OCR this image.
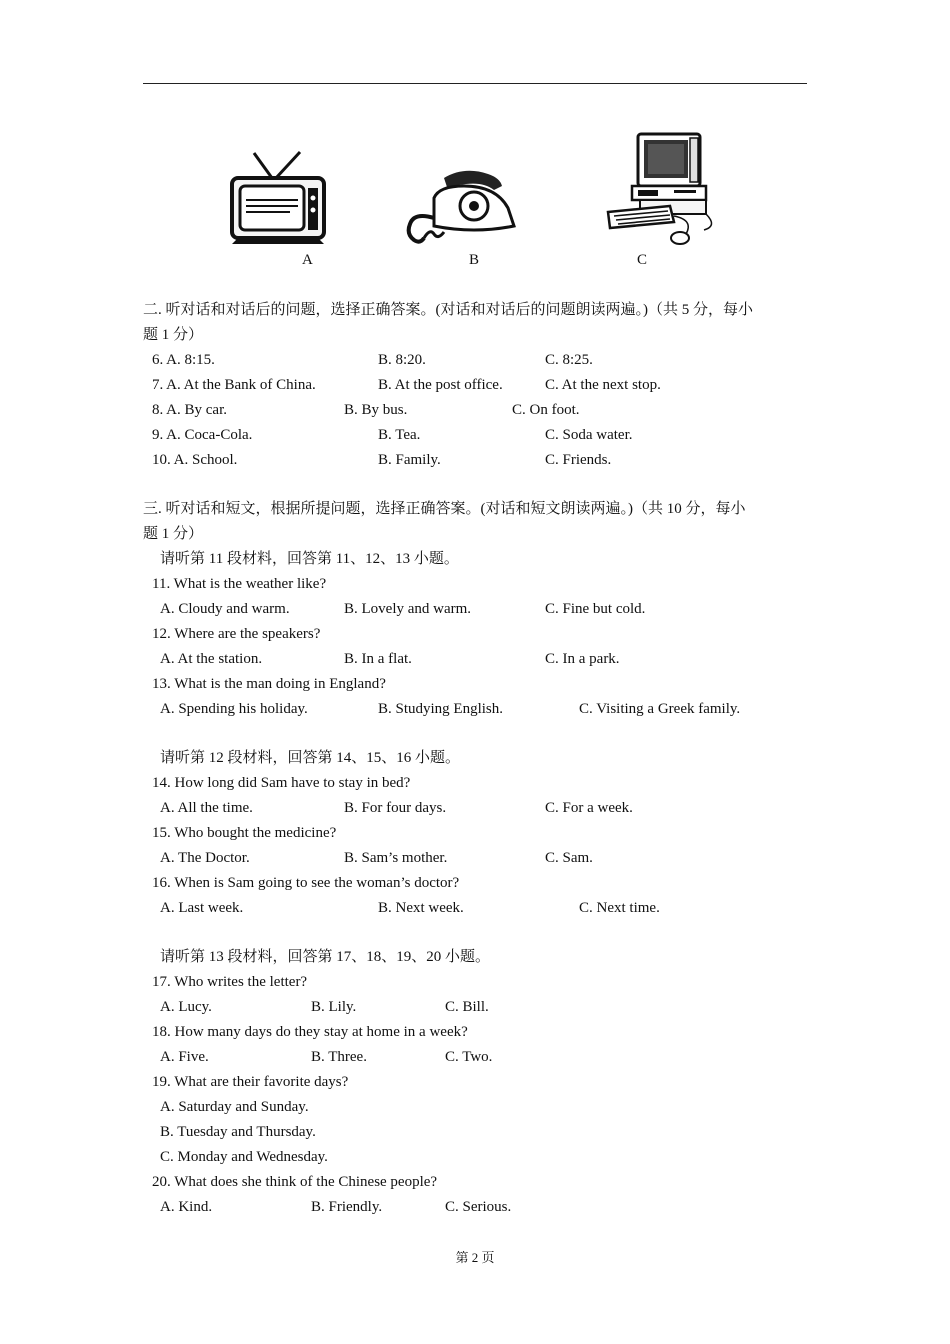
A	B	C
二. 听对话和对话后的问题，选择正确答案。(对话和对话后的问题朗读两遍。)（共 5 分，每小
题 1 分）
6. A. 8:15.	B. 8:20.	C. 8:25.
7. A. At the Bank of China.	B. At the post office.	C. At the next stop.
8. A. By car.	B. By bus.	C. On foot.
9. A. Coca-Cola.	B. Tea.	C. Soda water.
10. A. School.	B. Family.	C. Friends.
三. 听对话和短文，根据所提问题，选择正确答案。(对话和短文朗读两遍。)（共 10 分，每小
题 1 分）
请听第 11 段材料，回答第 11、12、13 小题。
11. What is the weather like?
A. Cloudy and warm.	B. Lovely and warm.	C. Fine but cold.
12. Where are the speakers?
A. At the station.	B. In a flat.	C. In a park.
13. What is the man doing in England?
A. Spending his holiday.	B. Studying English.	C. Visiting a Greek family.
请听第 12 段材料，回答第 14、15、16 小题。
14. How long did Sam have to stay in bed?
A. All the time.	B. For four days.	C. For a week.
15. Who bought the medicine?
A. The Doctor.	B. Sam’s mother.	C. Sam.
16. When is Sam going to see the woman’s doctor?
A. Last week.	B. Next week.	C. Next time.
请听第 13 段材料，回答第 17、18、19、20 小题。
17. Who writes the letter?
A. Lucy.	B. Lily.	C. Bill.
18. How many days do they stay at home in a week?
A. Five.	B. Three.	C. Two.
19. What are their favorite days?
A. Saturday and Sunday.
B. Tuesday and Thursday.
C. Monday and Wednesday.
20. What does she think of the Chinese people?
A. Kind.	B. Friendly.	C. Serious.
第 2 页
